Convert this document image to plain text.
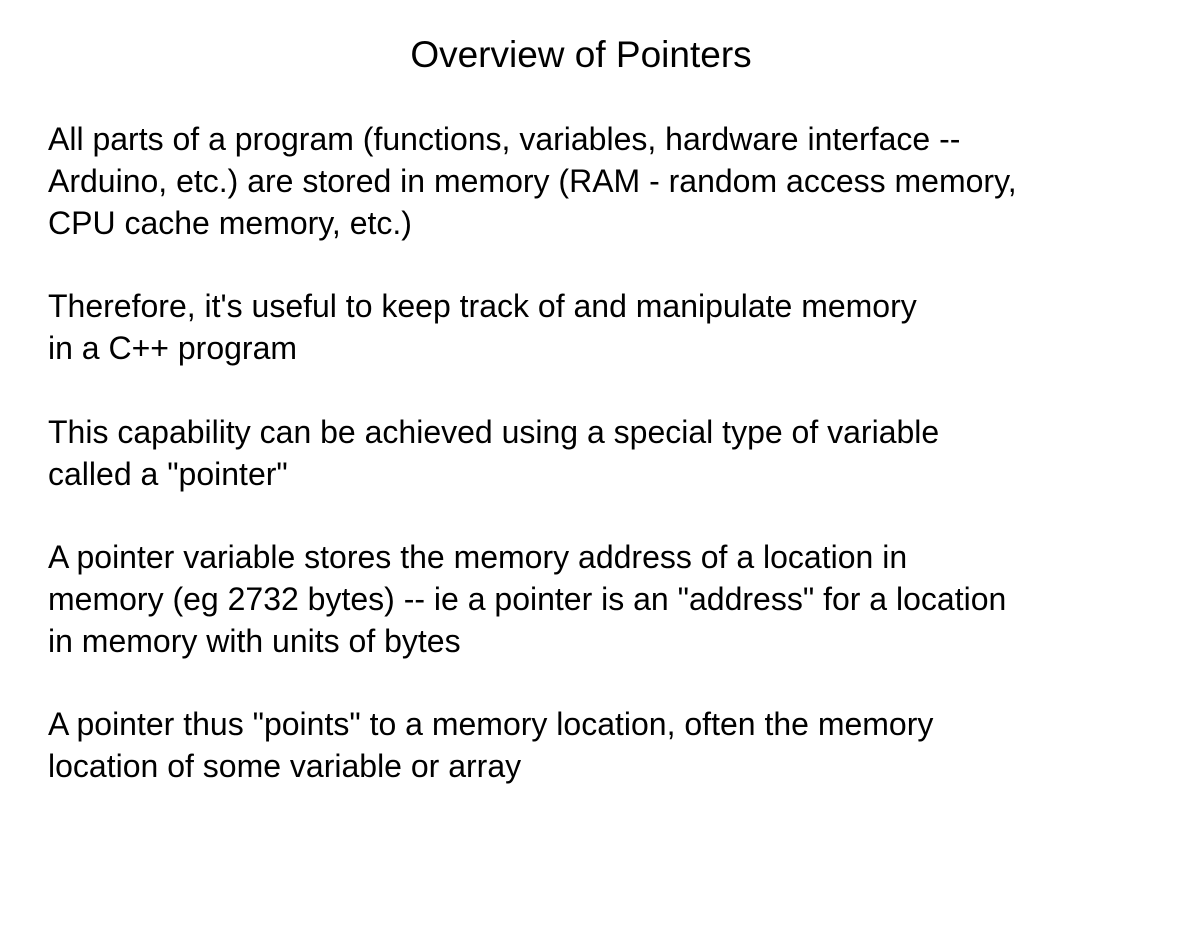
Overview of Pointers

All parts of a program (functions, variables, hardware interface --
Arduino, etc.) are stored in memory (RAM - random access memory,
CPU cache memory, etc.)

Therefore, it's useful to keep track of and manipulate memory
in a C++ program

This capability can be achieved using a special type of variable
called a "pointer"

A pointer variable stores the memory address of a location in
memory (eg 2732 bytes) -- ie a pointer is an "address" for a location
in memory with units of bytes

A pointer thus "points" to a memory location, often the memory
location of some variable or array
